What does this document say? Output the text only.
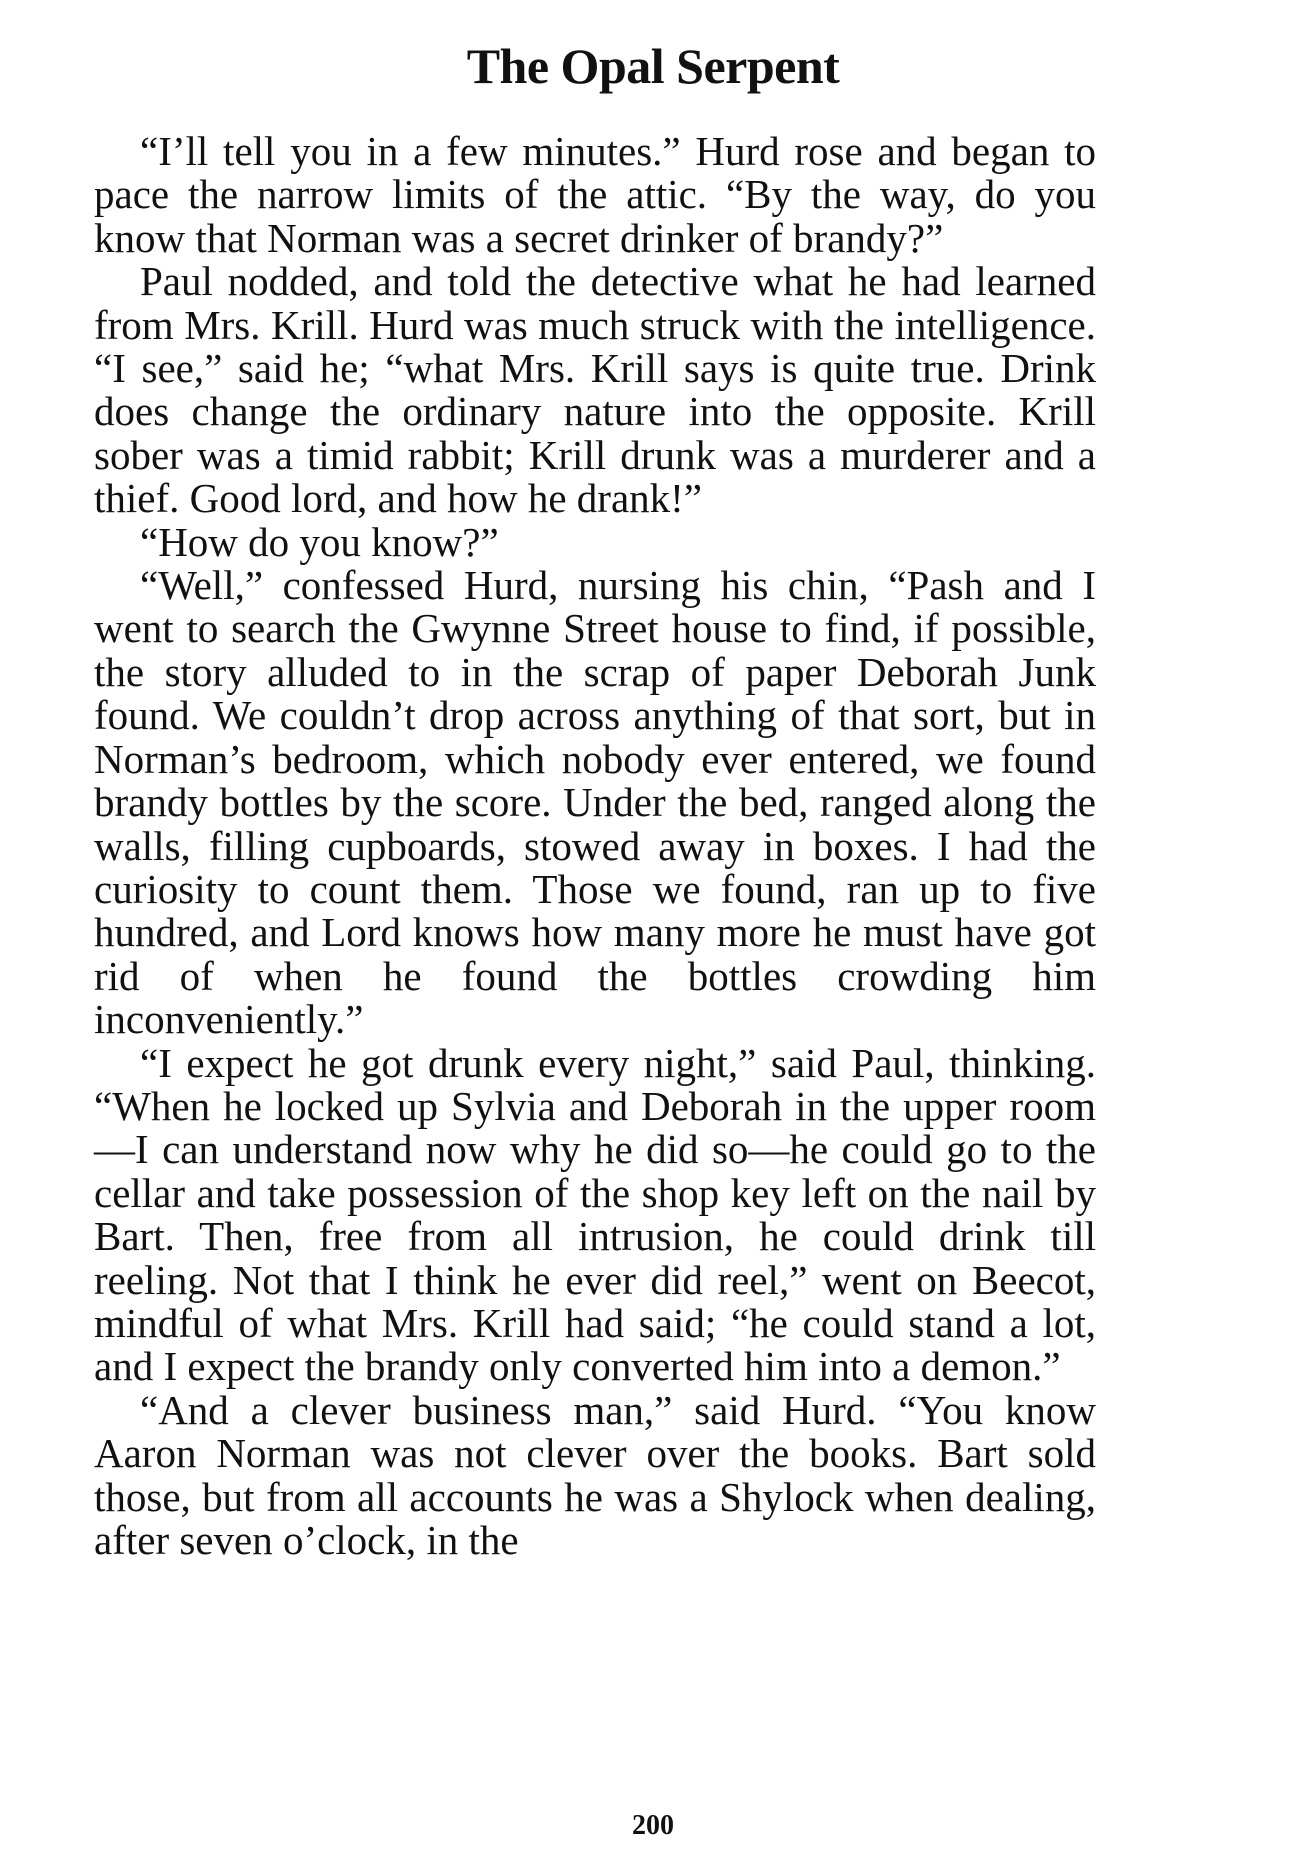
The Opal Serpent

“I’ll tell you in a few minutes.” Hurd rose and began to pace the narrow limits of the attic. “By the way, do you know that Norman was a secret drinker of brandy?”

Paul nodded, and told the detective what he had learned from Mrs. Krill. Hurd was much struck with the intelligence. “I see,” said he; “what Mrs. Krill says is quite true. Drink does change the ordinary nature into the opposite. Krill sober was a timid rabbit; Krill drunk was a murderer and a thief. Good lord, and how he drank!”

“How do you know?”

“Well,” confessed Hurd, nursing his chin, “Pash and I went to search the Gwynne Street house to find, if possible, the story alluded to in the scrap of paper Deborah Junk found. We couldn’t drop across anything of that sort, but in Norman’s bedroom, which nobody ever entered, we found brandy bottles by the score. Under the bed, ranged along the walls, filling cupboards, stowed away in boxes. I had the curiosity to count them. Those we found, ran up to five hundred, and Lord knows how many more he must have got rid of when he found the bottles crowding him inconveniently.”

“I expect he got drunk every night,” said Paul, thinking. “When he locked up Sylvia and Deborah in the upper room—I can understand now why he did so—he could go to the cellar and take possession of the shop key left on the nail by Bart. Then, free from all intrusion, he could drink till reeling. Not that I think he ever did reel,” went on Beecot, mindful of what Mrs. Krill had said; “he could stand a lot, and I expect the brandy only converted him into a demon.”

“And a clever business man,” said Hurd. “You know Aaron Norman was not clever over the books. Bart sold those, but from all accounts he was a Shylock when dealing, after seven o’clock, in the

200
